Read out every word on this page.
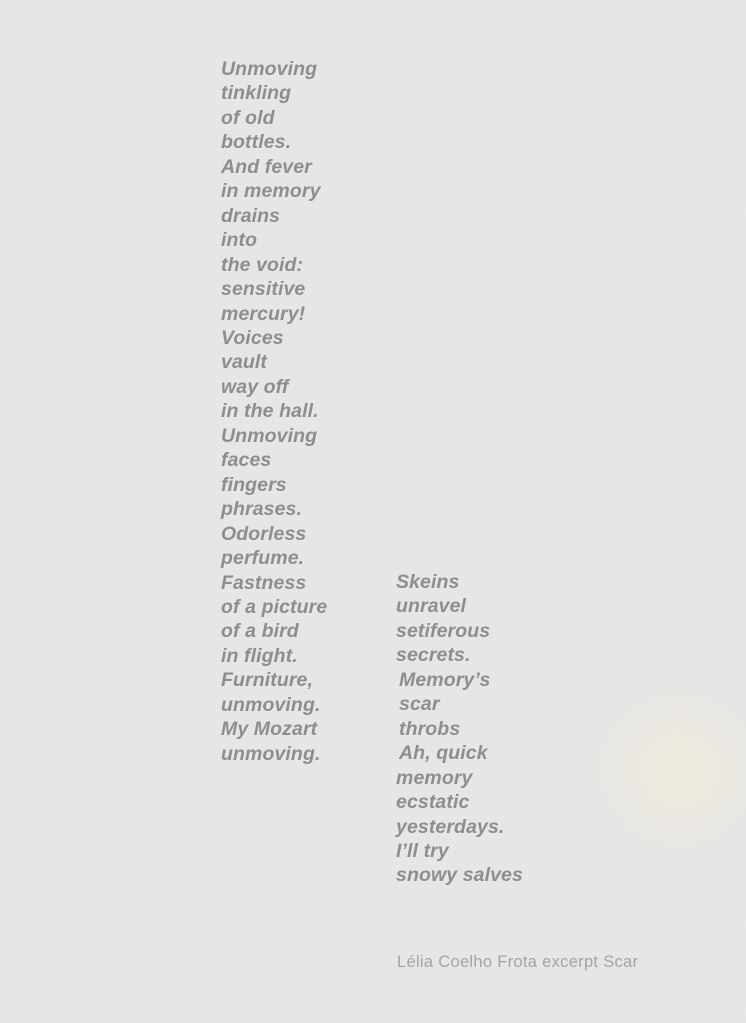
Unmoving
tinkling
of old
bottles.
And fever
in memory
drains
into
the void:
sensitive
mercury!
Voices
vault
way off
in the hall.
Unmoving
faces
fingers
phrases.
Odorless
perfume.
Fastness
of a picture
of a bird
in flight.
Furniture,
unmoving.
My Mozart
unmoving.
Skeins
unravel
setiferous
secrets.
Memory’s
scar
throbs
Ah, quick
memory
ecstatic
yesterdays.
I’ll try
snowy salves
Lélia Coelho Frota excerpt Scar
